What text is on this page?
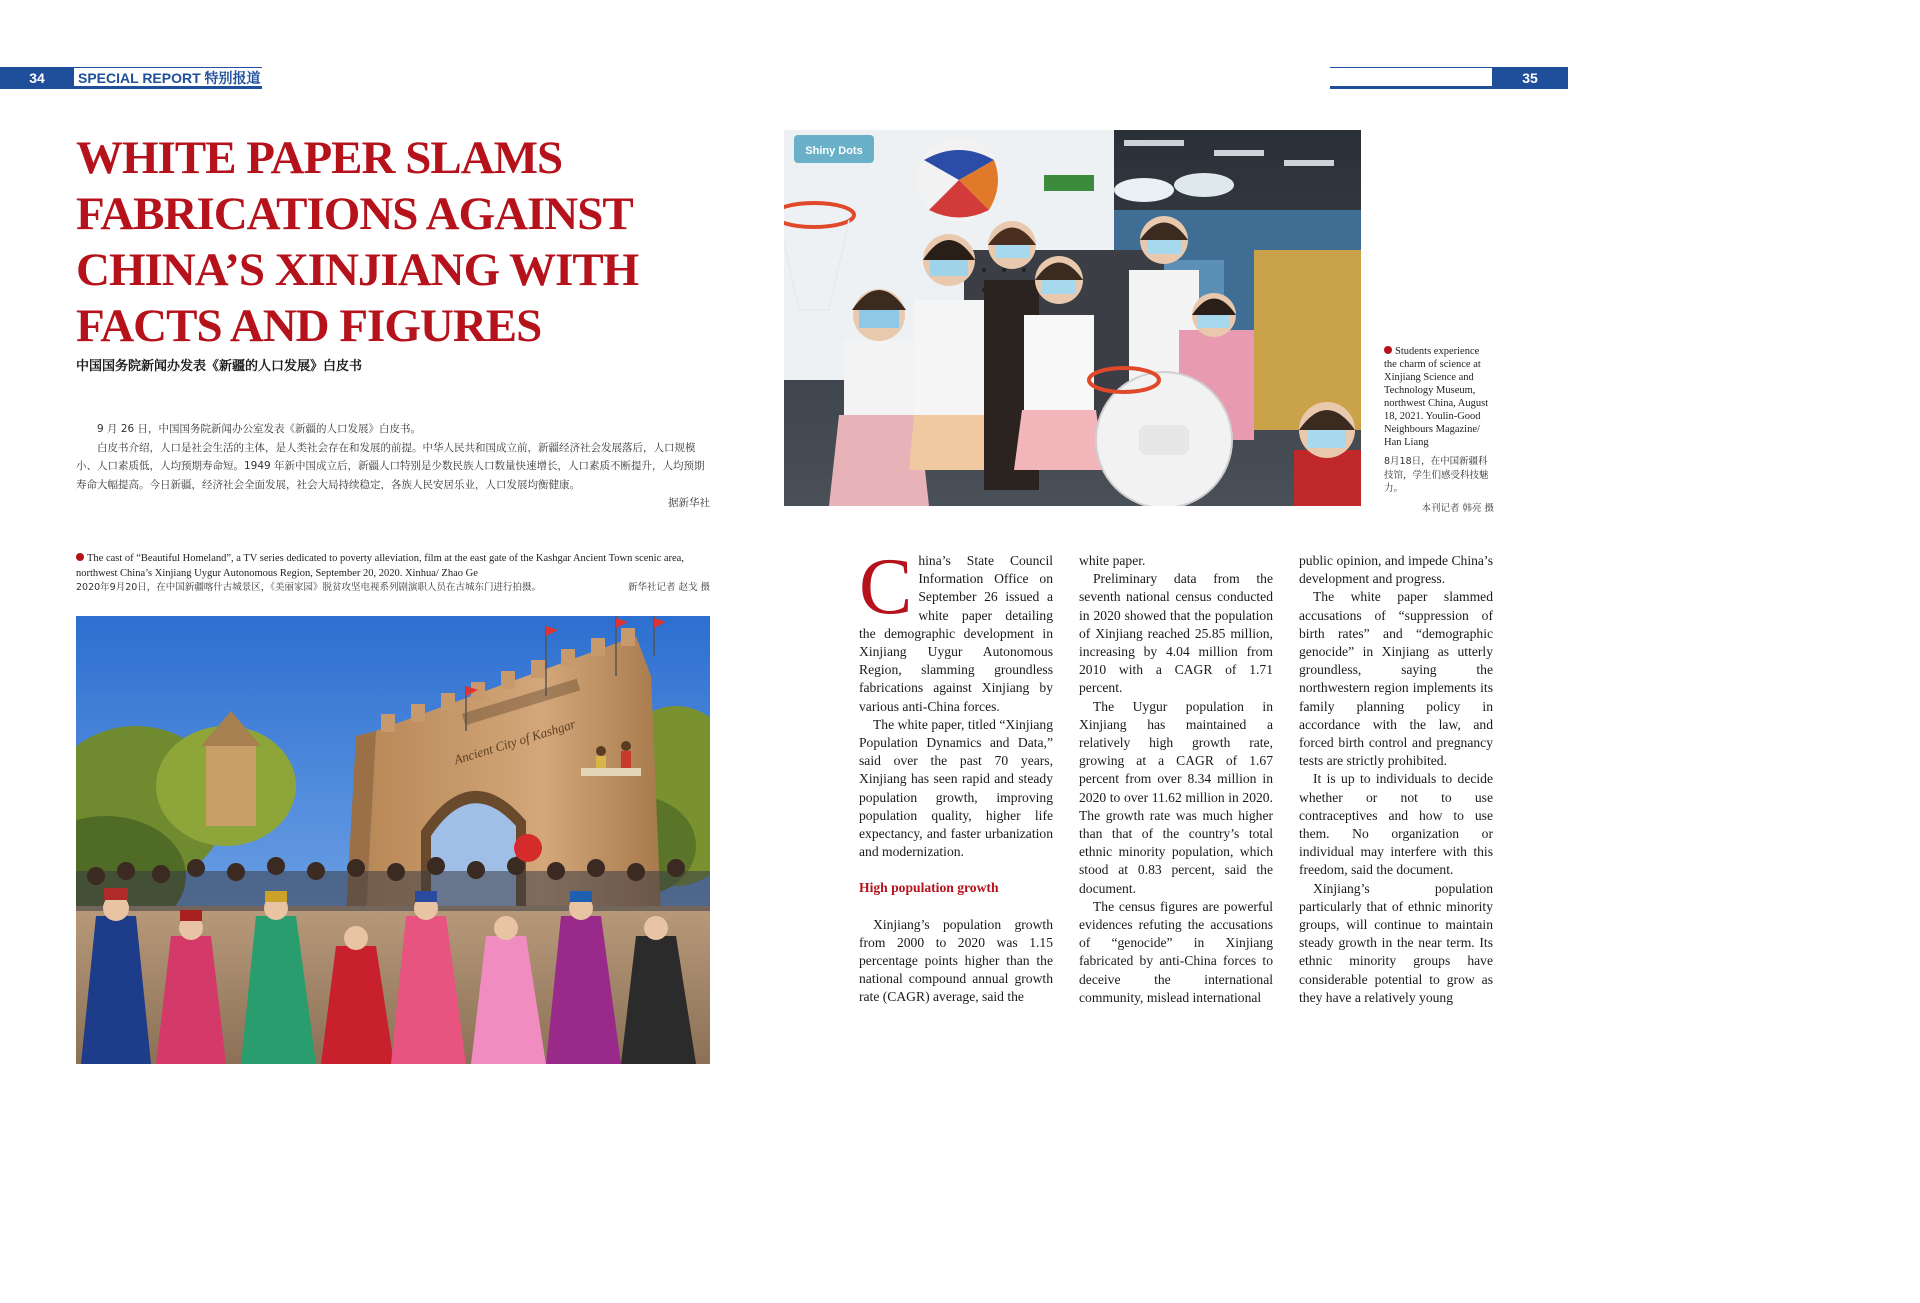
34	SPECIAL REPORT 特别报道	35
WHITE PAPER SLAMS FABRICATIONS AGAINST CHINA’S XINJIANG WITH FACTS AND FIGURES
中国国务院新闻办发表《新疆的人口发展》白皮书

9 月 26 日，中国国务院新闻办公室发表《新疆的人口发展》白皮书。

白皮书介绍，人口是社会生活的主体，是人类社会存在和发展的前提。中华人民共和国成立前，新疆经济社会发展落后，人口规模小、人口素质低，人均预期寿命短。1949 年新中国成立后，新疆人口特别是少数民族人口数量快速增长，人口素质不断提升，人均预期寿命大幅提高。今日新疆，经济社会全面发展，社会大局持续稳定，各族人民安居乐业，人口发展均衡健康。

据新华社

The cast of “Beautiful Homeland”, a TV series dedicated to poverty alleviation, film at the east gate of the Kashgar Ancient Town scenic area, northwest China’s Xinjiang Uygur Autonomous Region, September 20, 2020. Xinhua/ Zhao Ge
2020年9月20日，在中国新疆喀什古城景区，《美丽家园》脱贫攻坚电视系列剧演职人员在古城东门进行拍摄。	新华社记者 赵戈 摄
Ancient City of Kashgar
Shiny Dots
Students experience the charm of science at Xinjiang Science and Technology Museum, northwest China, August 18, 2021. Youlin-Good Neighbours Magazine/ Han Liang
8月18日，在中国新疆科技馆，学生们感受科技魅力。
本刊记者 韩亮 摄

China’s State Council Information Office on September 26 issued a white paper detailing the demographic development in Xinjiang Uygur Autonomous Region, slamming groundless fabrications against Xinjiang by various anti-China forces.

The white paper, titled “Xinjiang Population Dynamics and Data,” said over the past 70 years, Xinjiang has seen rapid and steady population growth, improving population quality, higher life expectancy, and faster urbanization and modernization.

High population growth

Xinjiang’s population growth from 2000 to 2020 was 1.15 percentage points higher than the national compound annual growth rate (CAGR) average, said the

white paper.

Preliminary data from the seventh national census conducted in 2020 showed that the population of Xinjiang reached 25.85 million, increasing by 4.04 million from 2010 with a CAGR of 1.71 percent.

The Uygur population in Xinjiang has maintained a relatively high growth rate, growing at a CAGR of 1.67 percent from over 8.34 million in 2020 to over 11.62 million in 2020. The growth rate was much higher than that of the country’s total ethnic minority population, which stood at 0.83 percent, said the document.

The census figures are powerful evidences refuting the accusations of “genocide” in Xinjiang fabricated by anti-China forces to deceive the international community, mislead international

public opinion, and impede China’s development and progress.

The white paper slammed accusations of “suppression of birth rates” and “demographic genocide” in Xinjiang as utterly groundless, saying the northwestern region implements its family planning policy in accordance with the law, and forced birth control and pregnancy tests are strictly prohibited.

It is up to individuals to decide whether or not to use contraceptives and how to use them. No organization or individual may interfere with this freedom, said the document.

Xinjiang’s population particularly that of ethnic minority groups, will continue to maintain steady growth in the near term. Its ethnic minority groups have considerable potential to grow as they have a relatively young
